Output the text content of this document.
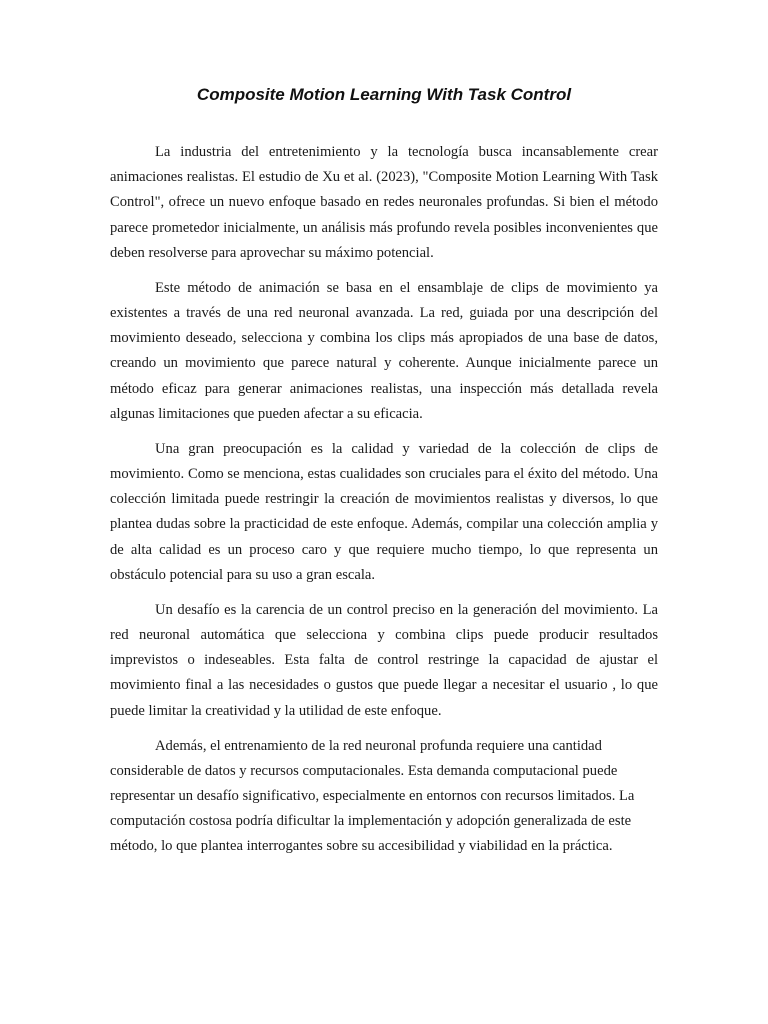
Composite Motion Learning With Task Control

La industria del entretenimiento y la tecnología busca incansablemente crear animaciones realistas. El estudio de Xu et al. (2023), "Composite Motion Learning With Task Control", ofrece un nuevo enfoque basado en redes neuronales profundas. Si bien el método parece prometedor inicialmente, un análisis más profundo revela posibles inconvenientes que deben resolverse para aprovechar su máximo potencial.

Este método de animación se basa en el ensamblaje de clips de movimiento ya existentes a través de una red neuronal avanzada. La red, guiada por una descripción del movimiento deseado, selecciona y combina los clips más apropiados de una base de datos, creando un movimiento que parece natural y coherente. Aunque inicialmente parece un método eficaz para generar animaciones realistas, una inspección más detallada revela algunas limitaciones que pueden afectar a su eficacia.

Una gran preocupación es la calidad y variedad de la colección de clips de movimiento. Como se menciona, estas cualidades son cruciales para el éxito del método. Una colección limitada puede restringir la creación de movimientos realistas y diversos, lo que plantea dudas sobre la practicidad de este enfoque. Además, compilar una colección amplia y de alta calidad es un proceso caro y que requiere mucho tiempo, lo que representa un obstáculo potencial para su uso a gran escala.

Un desafío es la carencia de un control preciso en la generación del movimiento. La red neuronal automática que selecciona y combina clips puede producir resultados imprevistos o indeseables. Esta falta de control restringe la capacidad de ajustar el movimiento final a las necesidades o gustos que puede llegar a necesitar el usuario , lo que puede limitar la creatividad y la utilidad de este enfoque.

Además, el entrenamiento de la red neuronal profunda requiere una cantidad considerable de datos y recursos computacionales. Esta demanda computacional puede representar un desafío significativo, especialmente en entornos con recursos limitados. La computación costosa podría dificultar la implementación y adopción generalizada de este método, lo que plantea interrogantes sobre su accesibilidad y viabilidad en la práctica.
